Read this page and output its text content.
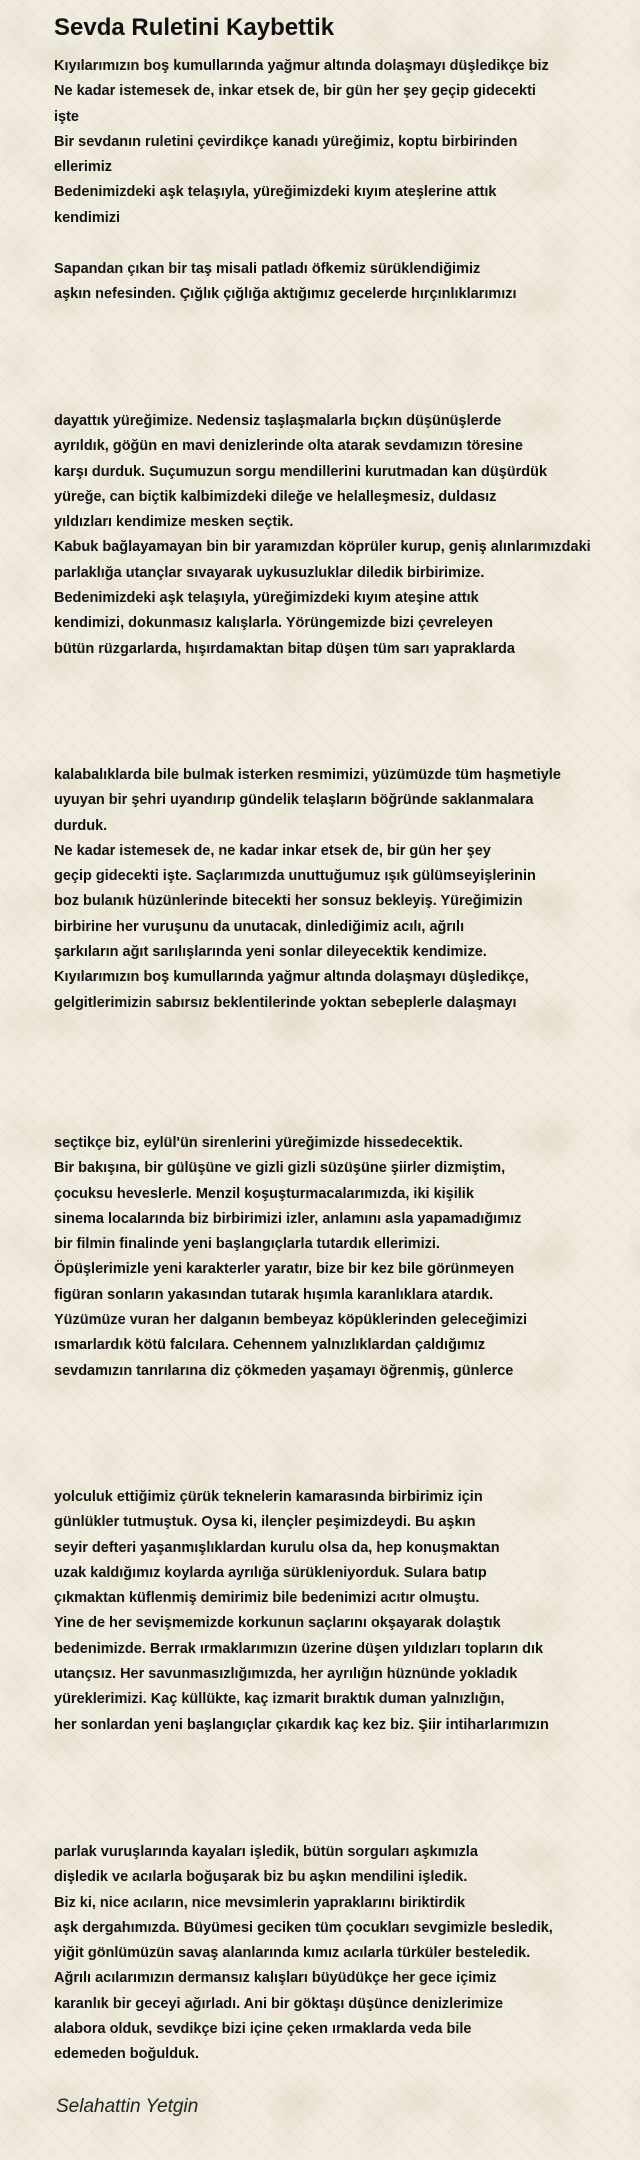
Sevda Ruletini Kaybettik
Kıyılarımızın boş kumullarında yağmur altında dolaşmayı düşledikçe biz
Ne kadar istemesek de, inkar etsek de, bir gün her şey geçip gidecekti
işte
Bir sevdanın ruletini çevirdikçe kanadı yüreğimiz, koptu birbirinden
ellerimiz
Bedenimizdeki aşk telaşıyla, yüreğimizdeki kıyım ateşlerine attık
kendimizi
Sapandan çıkan bir taş misali patladı öfkemiz sürüklendiğimiz
aşkın nefesinden. Çığlık çığlığa aktığımız gecelerde hırçınlıklarımızı
dayattık yüreğimize. Nedensiz taşlaşmalarla bıçkın düşünüşlerde
ayrıldık, göğün en mavi denizlerinde olta atarak sevdamızın töresine
karşı durduk. Suçumuzun sorgu mendillerini kurutmadan kan düşürdük
yüreğe, can biçtik kalbimizdeki dileğe ve helalleşmesiz, duldasız
yıldızları kendimize mesken seçtik.
Kabuk bağlayamayan bin bir yaramızdan köprüler kurup, geniş alınlarımızdaki
parlaklığa utançlar sıvayarak uykusuzluklar diledik birbirimize.
Bedenimizdeki aşk telaşıyla, yüreğimizdeki kıyım ateşine attık
kendimizi, dokunmasız kalışlarla. Yörüngemizde bizi çevreleyen
bütün rüzgarlarda, hışırdamaktan bitap düşen tüm sarı yapraklarda
kalabalıklarda bile bulmak isterken resmimizi, yüzümüzde tüm haşmetiyle
uyuyan bir şehri uyandırıp gündelik telaşların böğründe saklanmalara
durduk.
Ne kadar istemesek de, ne kadar inkar etsek de, bir gün her şey
geçip gidecekti işte. Saçlarımızda unuttuğumuz ışık gülümseyişlerinin
boz bulanık hüzünlerinde bitecekti her sonsuz bekleyiş. Yüreğimizin
birbirine her vuruşunu da unutacak, dinlediğimiz acılı, ağrılı
şarkıların ağıt sarılışlarında yeni sonlar dileyecektik kendimize.
Kıyılarımızın boş kumullarında yağmur altında dolaşmayı düşledikçe,
gelgitlerimizin sabırsız beklentilerinde yoktan sebeplerle dalaşmayı
seçtikçe biz, eylül'ün sirenlerini yüreğimizde hissedecektik.
Bir bakışına, bir gülüşüne ve gizli gizli süzüşüne şiirler dizmiştim,
çocuksu heveslerle. Menzil koşuşturmacalarımızda, iki kişilik
sinema localarında biz birbirimizi izler, anlamını asla yapamadığımız
bir filmin finalinde yeni başlangıçlarla tutardık ellerimizi.
Öpüşlerimizle yeni karakterler yaratır, bize bir kez bile görünmeyen
figüran sonların yakasından tutarak hışımla karanlıklara atardık.
Yüzümüze vuran her dalganın bembeyaz köpüklerinden geleceğimizi
ısmarlardık kötü falcılara. Cehennem yalnızlıklardan çaldığımız
sevdamızın tanrılarına diz çökmeden yaşamayı öğrenmiş, günlerce
yolculuk ettiğimiz çürük teknelerin kamarasında birbirimiz için
günlükler tutmuştuk. Oysa ki, ilençler peşimizdeydi. Bu aşkın
seyir defteri yaşanmışlıklardan kurulu olsa da, hep konuşmaktan
uzak kaldığımız koylarda ayrılığa sürükleniyorduk. Sulara batıp
çıkmaktan küflenmiş demirimiz bile bedenimizi acıtır olmuştu.
Yine de her sevişmemizde korkunun saçlarını okşayarak dolaştık
bedenimizde. Berrak ırmaklarımızın üzerine düşen yıldızları topların dık
utançsız. Her savunmasızlığımızda, her ayrılığın hüznünde yokladık
yüreklerimizi. Kaç küllükte, kaç izmarit bıraktık duman yalnızlığın,
her sonlardan yeni başlangıçlar çıkardık kaç kez biz. Şiir intiharlarımızın
parlak vuruşlarında kayaları işledik, bütün sorguları aşkımızla
dişledik ve acılarla boğuşarak biz bu aşkın mendilini işledik.
Biz ki, nice acıların, nice mevsimlerin yapraklarını biriktirdik
aşk dergahımızda. Büyümesi geciken tüm çocukları sevgimizle besledik,
yiğit gönlümüzün savaş alanlarında kımız acılarla türküler besteledik.
Ağrılı acılarımızın dermansız kalışları büyüdükçe her gece içimiz
karanlık bir geceyi ağırladı. Ani bir göktaşı düşünce denizlerimize
alabora olduk, sevdikçe bizi içine çeken ırmaklarda veda bile
edemeden boğulduk.
Selahattin Yetgin
